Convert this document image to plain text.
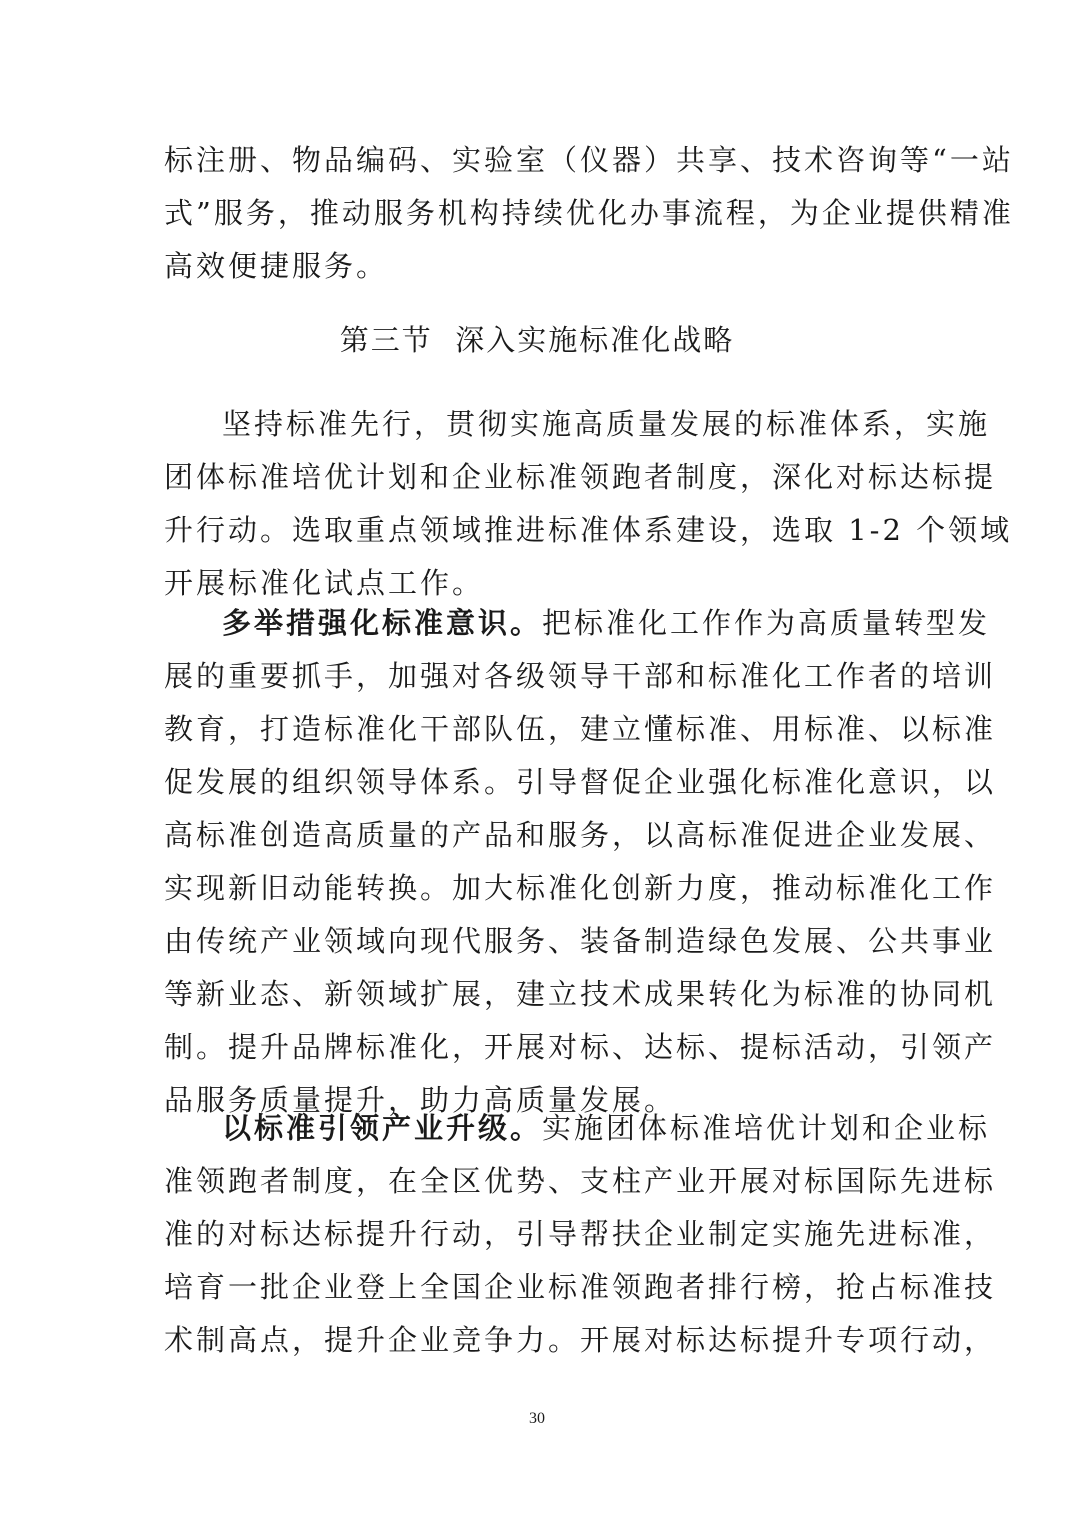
标注册、物品编码、实验室（仪器）共享、技术咨询等“一站
式”服务，推动服务机构持续优化办事流程，为企业提供精准
高效便捷服务。
第三节  深入实施标准化战略
坚持标准先行，贯彻实施高质量发展的标准体系，实施
团体标准培优计划和企业标准领跑者制度，深化对标达标提
升行动。选取重点领域推进标准体系建设，选取 1-2 个领域
开展标准化试点工作。
多举措强化标准意识。把标准化工作作为高质量转型发
展的重要抓手，加强对各级领导干部和标准化工作者的培训
教育，打造标准化干部队伍，建立懂标准、用标准、以标准
促发展的组织领导体系。引导督促企业强化标准化意识，以
高标准创造高质量的产品和服务，以高标准促进企业发展、
实现新旧动能转换。加大标准化创新力度，推动标准化工作
由传统产业领域向现代服务、装备制造绿色发展、公共事业
等新业态、新领域扩展，建立技术成果转化为标准的协同机
制。提升品牌标准化，开展对标、达标、提标活动，引领产
品服务质量提升，助力高质量发展。
以标准引领产业升级。实施团体标准培优计划和企业标
准领跑者制度，在全区优势、支柱产业开展对标国际先进标
准的对标达标提升行动，引导帮扶企业制定实施先进标准，
培育一批企业登上全国企业标准领跑者排行榜，抢占标准技
术制高点，提升企业竞争力。开展对标达标提升专项行动，
30
